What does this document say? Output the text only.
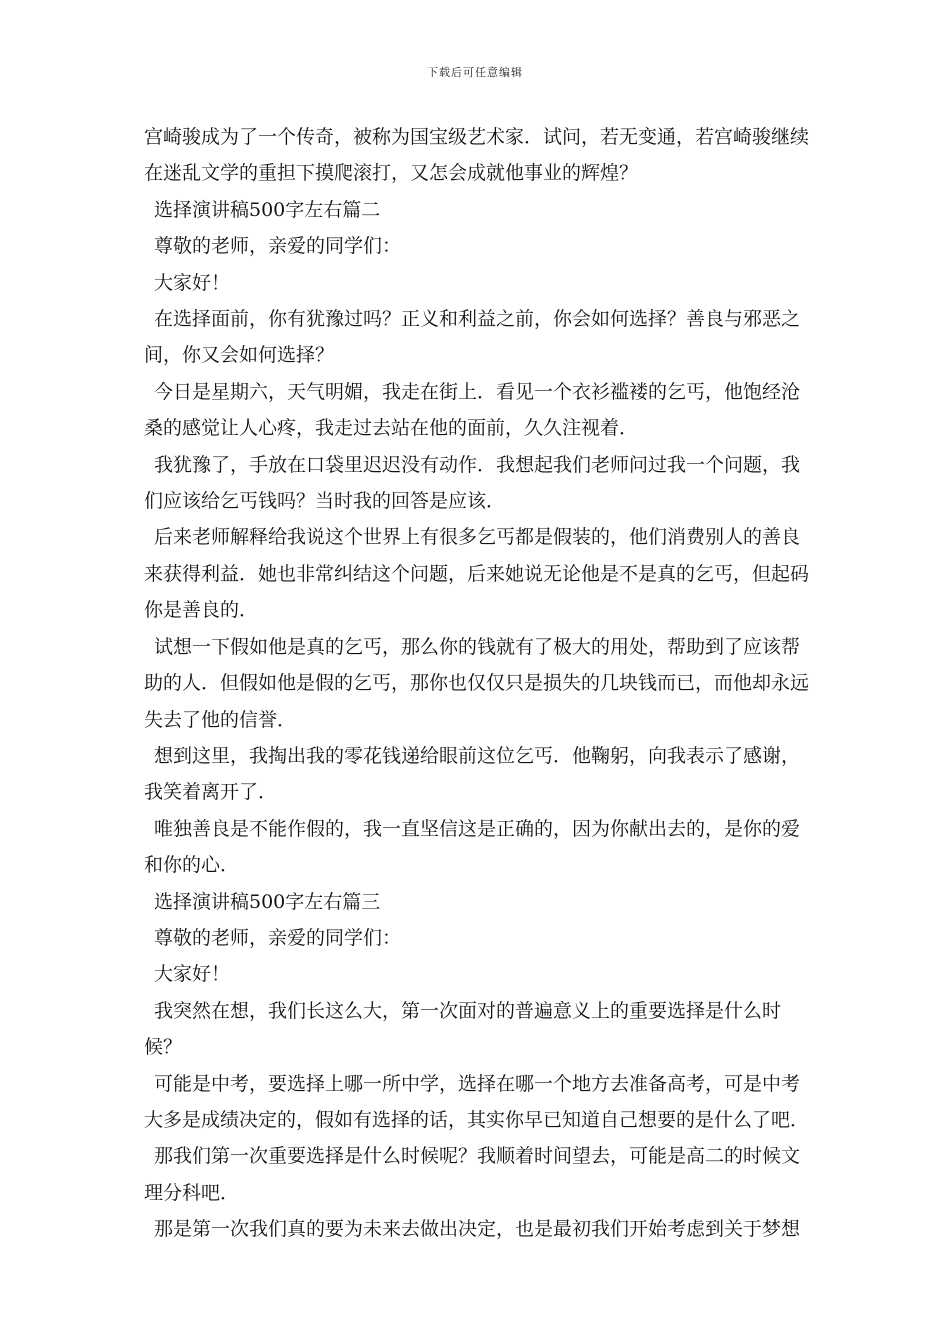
下载后可任意编辑

宫崎骏成为了一个传奇，被称为国宝级艺术家．试问，若无变通，若宫崎骏继续在迷乱文学的重担下摸爬滚打，又怎会成就他事业的辉煌？

选择演讲稿500字左右篇二

尊敬的老师，亲爱的同学们：

大家好！

在选择面前，你有犹豫过吗？正义和利益之前，你会如何选择？善良与邪恶之间，你又会如何选择？

今日是星期六，天气明媚，我走在街上．看见一个衣衫褴褛的乞丐，他饱经沧桑的感觉让人心疼，我走过去站在他的面前，久久注视着．

我犹豫了，手放在口袋里迟迟没有动作．我想起我们老师问过我一个问题，我们应该给乞丐钱吗？当时我的回答是应该．

后来老师解释给我说这个世界上有很多乞丐都是假装的，他们消费别人的善良来获得利益．她也非常纠结这个问题，后来她说无论他是不是真的乞丐，但起码你是善良的．

试想一下假如他是真的乞丐，那么你的钱就有了极大的用处，帮助到了应该帮助的人．但假如他是假的乞丐，那你也仅仅只是损失的几块钱而已，而他却永远失去了他的信誉．

想到这里，我掏出我的零花钱递给眼前这位乞丐．他鞠躬，向我表示了感谢，我笑着离开了．

唯独善良是不能作假的，我一直坚信这是正确的，因为你献出去的，是你的爱和你的心．

选择演讲稿500字左右篇三

尊敬的老师，亲爱的同学们：

大家好！

我突然在想，我们长这么大，第一次面对的普遍意义上的重要选择是什么时候？

可能是中考，要选择上哪一所中学，选择在哪一个地方去准备高考，可是中考大多是成绩决定的，假如有选择的话，其实你早已知道自己想要的是什么了吧．

那我们第一次重要选择是什么时候呢？我顺着时间望去，可能是高二的时候文理分科吧．

那是第一次我们真的要为未来去做出决定，也是最初我们开始考虑到关于梦想
